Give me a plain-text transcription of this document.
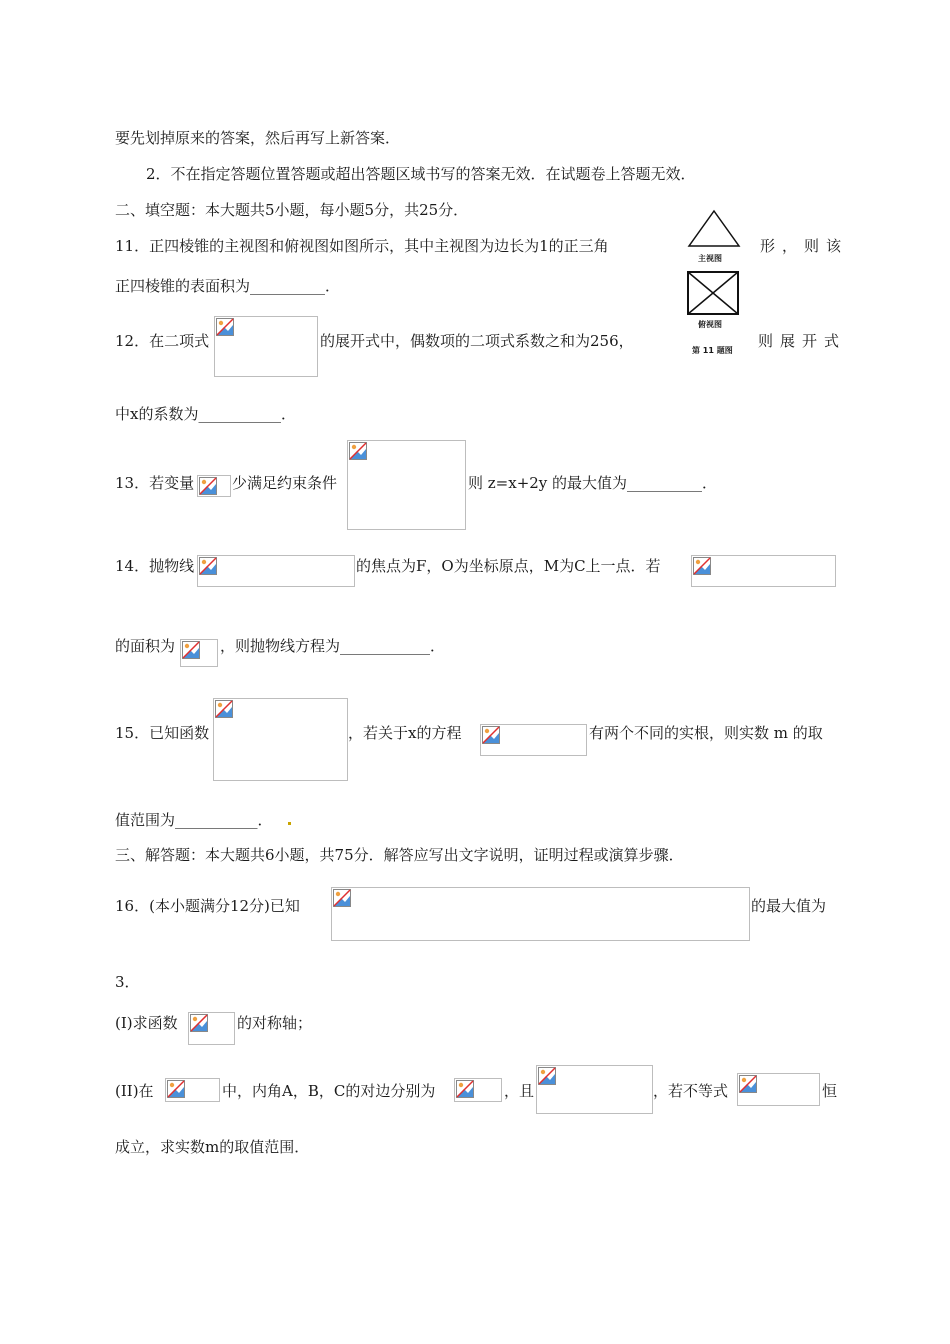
要先划掉原来的答案，然后再写上新答案．
2．不在指定答题位置答题或超出答题区域书写的答案无效．在试题卷上答题无效．
二、填空题：本大题共5小题，每小题5分，共25分．
11．正四棱锥的主视图和俯视图如图所示，其中主视图为边长为1的正三角	形，则该
正四棱锥的表面积为__________．
主视图
俯视图
第 11 题图
12．在二项式	的展开式中，偶数项的二项式系数之和为256，	则展开式
中x的系数为___________．
13．若变量	少满足约束条件	则 z=x+2y 的最大值为__________．
14．抛物线	的焦点为F，O为坐标原点，M为C上一点．若
的面积为	，则抛物线方程为____________．
15．已知函数	，若关于x的方程	有两个不同的实根，则实数 m 的取
值范围为___________．
三、解答题：本大题共6小题，共75分．解答应写出文字说明，证明过程或演算步骤．
16．(本小题满分12分)已知	的最大值为
3．
(I)求函数	的对称轴；
(II)在	中，内角A，B，C的对边分别为	，且	，若不等式	恒
成立，求实数m的取值范围．
